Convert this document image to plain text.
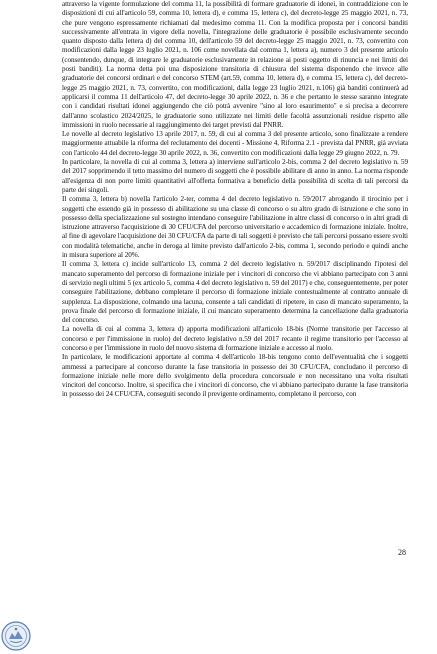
attraverso la vigente formulazione del comma 11, la possibilità di formare graduatorie di idonei, in contraddizione con le disposizioni di cui all'articolo 59, comma 10, lettera d), e comma 15, lettera c), del decreto-legge 25 maggio 2021, n. 73, che pure vengono espressamente richiamati dal medesimo comma 11. Con la modifica proposta per i concorsi banditi successivamente all'entrata in vigore della novella, l'integrazione delle graduatorie è possibile esclusivamente secondo quanto disposto dalla lettera d) del comma 10, dell'articolo 59 del decreto-legge 25 maggio 2021, n. 73, convertito con modificazioni dalla legge 23 luglio 2021, n. 106 come novellata dal comma 1, lettera a), numero 3 del presente articolo (consentendo, dunque, di integrare le graduatorie esclusivamente in relazione ai posti oggetto di rinuncia e nei limiti dei posti banditi). La norma detta poi una disposizione transitoria di chiusura del sistema disponendo che invece alle graduatorie dei concorsi ordinari e del concorso STEM (art.59, comma 10, lettera d), e comma 15, lettera c), del decreto-legge 25 maggio 2021, n. 73, convertito, con modificazioni, dalla legge 23 luglio 2021, n.106) già banditi continuerà ad applicarsi il comma 11 dell'articolo 47, del decreto-legge 30 aprile 2022, n. 36 e che pertanto le stesse saranno integrate con i candidati risultati idonei aggiungendo che ciò potrà avvenire "sino al loro esaurimento" e si precisa a decorrere dall'anno scolastico 2024/2025, le graduatorie sono utilizzate nei limiti delle facoltà assunzionali residue rispetto alle immissioni in ruolo necessarie al raggiungimento dei target previsti dal PNRR.

Le novelle al decreto legislativo 13 aprile 2017, n. 59, di cui al comma 3 del presente articolo, sono finalizzate a rendere maggiormente attuabile la riforma del reclutamento dei docenti - Missione 4, Riforma 2.1 - prevista dal PNRR, già avviata con l'articolo 44 del decreto-legge 30 aprile 2022, n. 36, convertito con modificazioni dalla legge 29 giugno 2022, n. 79.

In particolare, la novella di cui al comma 3, lettera a) interviene sull'articolo 2-bis, comma 2 del decreto legislativo n. 59 del 2017 sopprimendo il tetto massimo del numero di soggetti che è possibile abilitare di anno in anno. La norma risponde all'esigenza di non porre limiti quantitativi all'offerta formativa a beneficio della possibilità di scelta di tali percorsi da parte dei singoli.

Il comma 3, lettera b) novella l'articolo 2-ter, comma 4 del decreto legislativo n. 59/2017 abrogando il tirocinio per i soggetti che essendo già in possesso di abilitazione su una classe di concorso o su altro grado di istruzione e che sono in possesso della specializzazione sul sostegno intendano conseguire l'abilitazione in altre classi di concorso o in altri gradi di istruzione attraverso l'acquisizione di 30 CFU/CFA del percorso universitario e accademico di formazione iniziale. Inoltre, al fine di agevolare l'acquisizione dei 30 CFU/CFA da parte di tali soggetti è previsto che tali percorsi possano essere svolti con modalità telematiche, anche in deroga al limite previsto dall'articolo 2-bis, comma 1, secondo periodo e quindi anche in misura superiore al 20%.

Il comma 3, lettera c) incide sull'articolo 13, comma 2 del decreto legislativo n. 59/2017 disciplinando l'ipotesi del mancato superamento del percorso di formazione iniziale per i vincitori di concorso che vi abbiano partecipato con 3 anni di servizio negli ultimi 5 (ex articolo 5, comma 4 del decreto legislativo n. 59 del 2017) e che, conseguentemente, per poter conseguire l'abilitazione, debbano completare il percorso di formazione iniziale contestualmente al contratto annuale di supplenza. La disposizione, colmando una lacuna, consente a tali candidati di ripetere, in caso di mancato superamento, la prova finale del percorso di formazione iniziale, il cui mancato superamento determina la cancellazione dalla graduatoria del concorso.

La novella di cui al comma 3, lettera d) apporta modificazioni all'articolo 18-bis (Norme transitorie per l'accesso al concorso e per l'immissione in ruolo) del decreto legislativo n.59 del 2017 recante il regime transitorio per l'accesso al concorso e per l'immissione in ruolo del nuovo sistema di formazione iniziale e accesso al ruolo.

In particolare, le modificazioni apportate al comma 4 dell'articolo 18-bis tengono conto dell'eventualità che i soggetti ammessi a partecipare al concorso durante la fase transitoria in possesso dei 30 CFU/CFA, concludano il percorso di formazione iniziale nelle more dello svolgimento della procedura concorsuale e non necessitano una volta risultati vincitori del concorso. Inoltre, si specifica che i vincitori di concorso, che vi abbiano partecipato durante la fase transitoria in possesso dei 24 CFU/CFA, conseguiti secondo il previgente ordinamento, completano il percorso, con

28
